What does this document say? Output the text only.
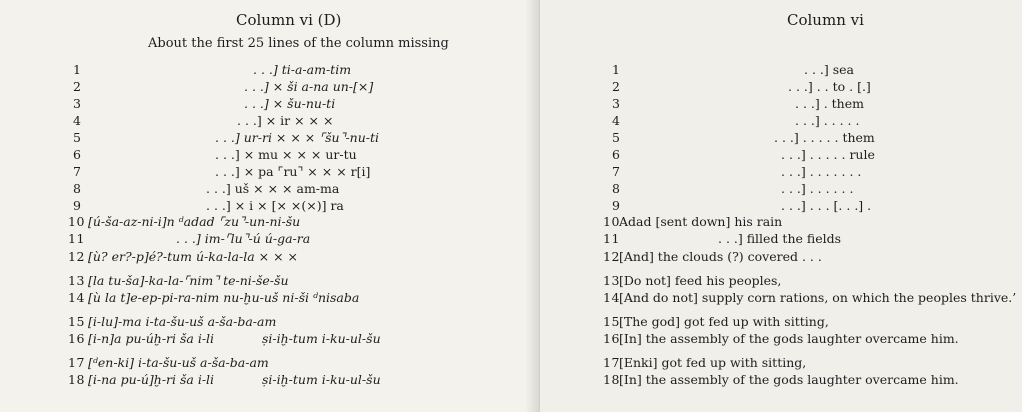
Column vi (D)
About the first 25 lines of the column missing
1
2
3
4
5
6
7
8
9
10
11
12
13
14
15
16
17
18
. . .] ti-a-am-tim
. . .] × ši a-na un-[×]
. . .] × šu-nu-ti
. . .] × ir × × ×
. . .] ur-ri × × × ⌜šu⌝-nu-ti
. . .] × mu × × × ur-tu
. . .] × pa ⌜ru⌝ × × × r[i]
. . .] uš × × × am-ma
. . .] × i × [× ×(×)] ra
[ú-ša-az-ni-i]n ᵈadad ⌜zu⌝-un-ni-šu
. . .] im-⌜lu⌝-ú ú-ga-ra
[ù? er?-p]é?-tum ú-ka-la-la × × ×
[la tu-ša]-ka-la-⌜nim⌝ te-ni-še-šu
[ù la t]e-ep-pi-ra-nim nu-ḫu-uš ni-ši ᵈnisaba
[i-lu]-ma i-ta-šu-uš a-ša-ba-am
[i-n]a pu-úḫ-ri ša i-li	ṣi-iḫ-tum i-ku-ul-šu
[ᵈen-ki] i-ta-šu-uš a-ša-ba-am
[i-na pu-ú]ḫ-ri ša i-li	ṣi-iḫ-tum i-ku-ul-šu
Column vi
1
2
3
4
5
6
7
8
9
10
11
12
13
14
15
16
17
18
. . .] sea
. . .] . . to . [.]
. . .] . them
. . .] . . . . .
. . .] . . . . . them
. . .] . . . . . rule
. . .] . . . . . . .
. . .] . . . . . .
. . .] . . . [. . .] .
Adad [sent down] his rain
. . .] filled the fields
[And] the clouds (?) covered . . .
[Do not] feed his peoples,
[And do not] supply corn rations, on which the peoples thrive.’
[The god] got fed up with sitting,
[In] the assembly of the gods laughter overcame him.
[Enki] got fed up with sitting,
[In] the assembly of the gods laughter overcame him.
